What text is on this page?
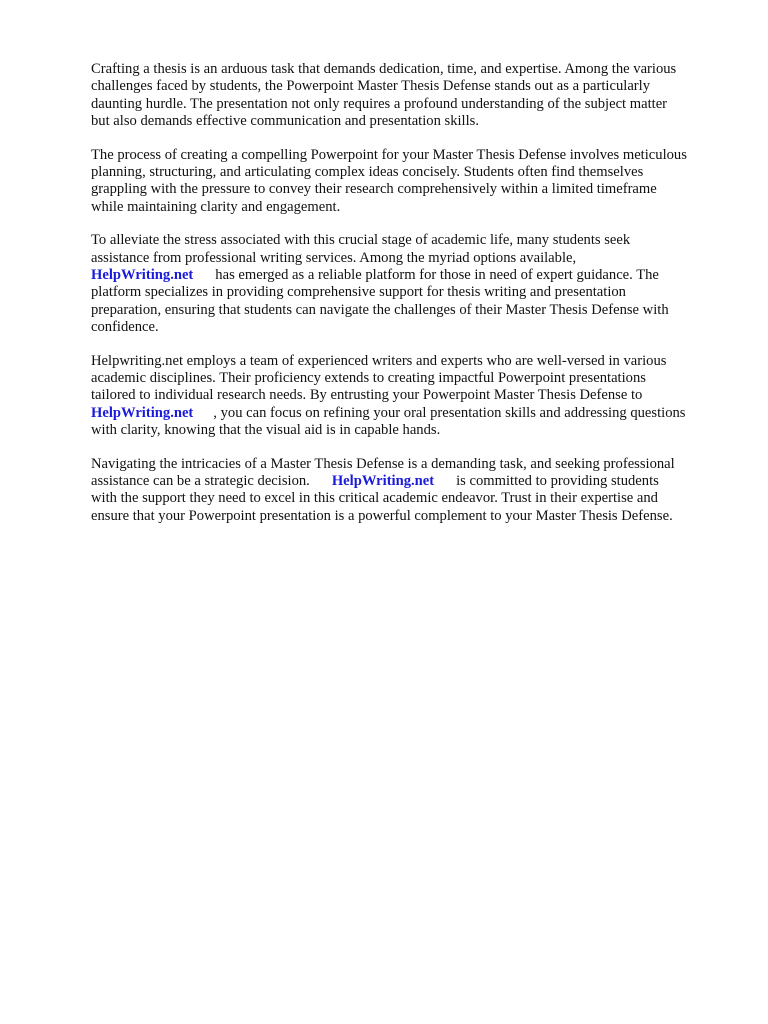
Crafting a thesis is an arduous task that demands dedication, time, and expertise. Among the various
challenges faced by students, the Powerpoint Master Thesis Defense stands out as a particularly
daunting hurdle. The presentation not only requires a profound understanding of the subject matter
but also demands effective communication and presentation skills.

The process of creating a compelling Powerpoint for your Master Thesis Defense involves meticulous
planning, structuring, and articulating complex ideas concisely. Students often find themselves
grappling with the pressure to convey their research comprehensively within a limited timeframe
while maintaining clarity and engagement.

To alleviate the stress associated with this crucial stage of academic life, many students seek
assistance from professional writing services. Among the myriad options available,
HelpWriting.net has emerged as a reliable platform for those in need of expert guidance. The
platform specializes in providing comprehensive support for thesis writing and presentation
preparation, ensuring that students can navigate the challenges of their Master Thesis Defense with
confidence.

Helpwriting.net employs a team of experienced writers and experts who are well-versed in various
academic disciplines. Their proficiency extends to creating impactful Powerpoint presentations
tailored to individual research needs. By entrusting your Powerpoint Master Thesis Defense to
HelpWriting.net , you can focus on refining your oral presentation skills and addressing questions
with clarity, knowing that the visual aid is in capable hands.

Navigating the intricacies of a Master Thesis Defense is a demanding task, and seeking professional
assistance can be a strategic decision. HelpWriting.net is committed to providing students
with the support they need to excel in this critical academic endeavor. Trust in their expertise and
ensure that your Powerpoint presentation is a powerful complement to your Master Thesis Defense.
